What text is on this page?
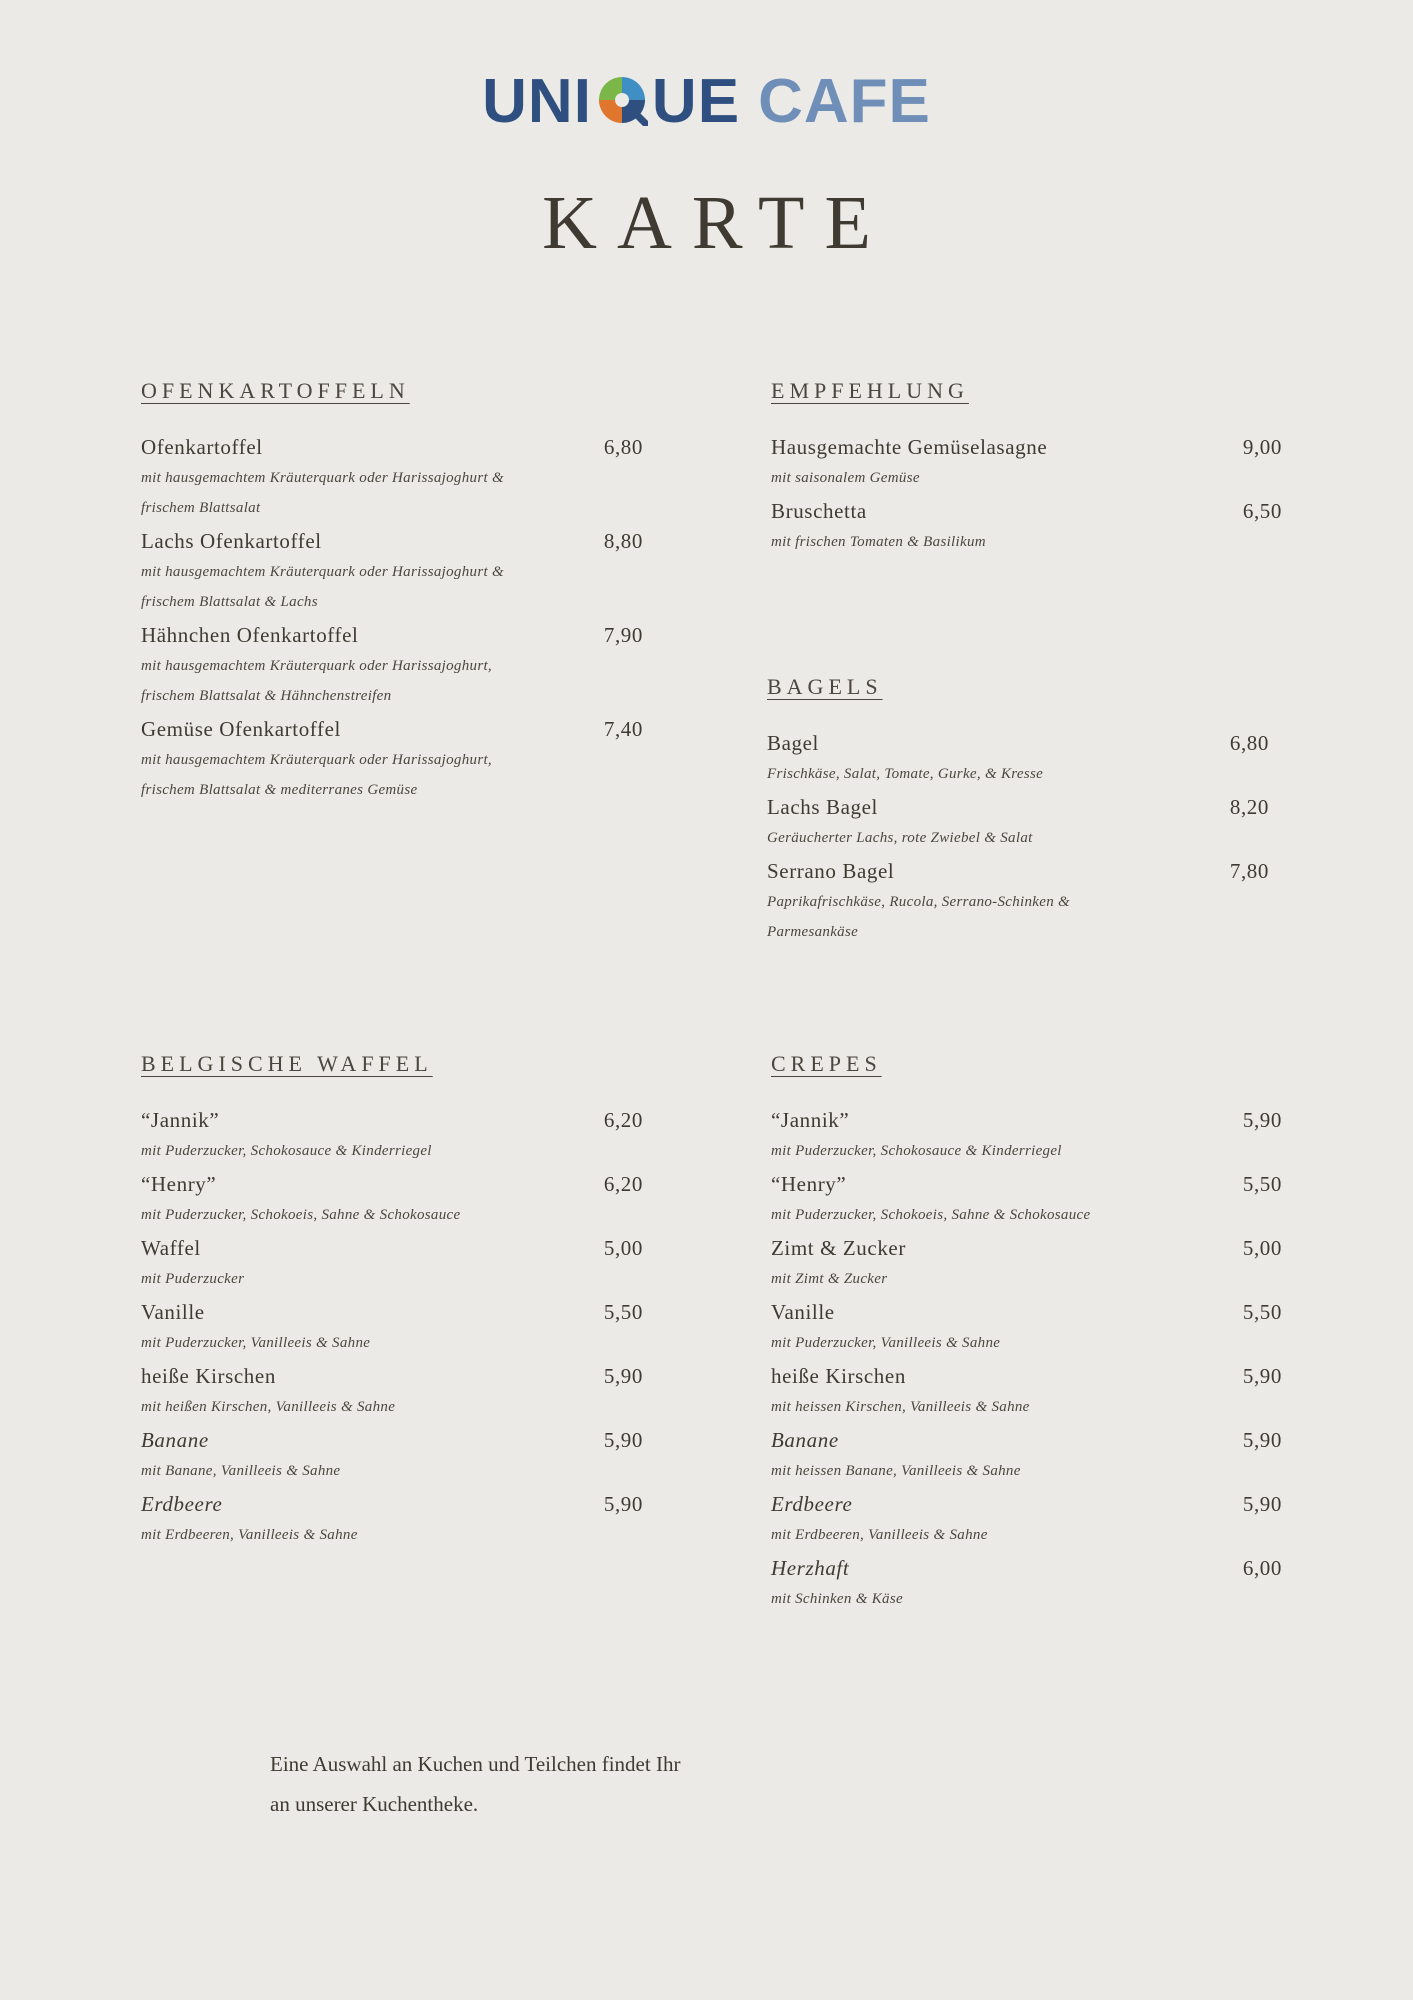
UNI UE CAFE
KARTE
OFENKARTOFFELN
Ofenkartoffel	6,80
mit hausgemachtem Kräuterquark oder Harissajoghurt &
frischem Blattsalat
Lachs Ofenkartoffel	8,80
mit hausgemachtem Kräuterquark oder Harissajoghurt &
frischem Blattsalat & Lachs
Hähnchen Ofenkartoffel	7,90
mit hausgemachtem Kräuterquark oder Harissajoghurt,
frischem Blattsalat & Hähnchenstreifen
Gemüse Ofenkartoffel	7,40
mit hausgemachtem Kräuterquark oder Harissajoghurt,
frischem Blattsalat & mediterranes Gemüse
EMPFEHLUNG
Hausgemachte Gemüselasagne	9,00
mit saisonalem Gemüse
Bruschetta	6,50
mit frischen Tomaten & Basilikum
BAGELS
Bagel	6,80
Frischkäse, Salat, Tomate, Gurke, & Kresse
Lachs Bagel	8,20
Geräucherter Lachs, rote Zwiebel & Salat
Serrano Bagel	7,80
Paprikafrischkäse, Rucola, Serrano-Schinken &
Parmesankäse
BELGISCHE WAFFEL
“Jannik”	6,20
mit Puderzucker, Schokosauce & Kinderriegel
“Henry”	6,20
mit Puderzucker, Schokoeis, Sahne & Schokosauce
Waffel	5,00
mit Puderzucker
Vanille	5,50
mit Puderzucker, Vanilleeis & Sahne
heiße Kirschen	5,90
mit heißen Kirschen, Vanilleeis & Sahne
Banane	5,90
mit Banane, Vanilleeis & Sahne
Erdbeere	5,90
mit Erdbeeren, Vanilleeis & Sahne
CREPES
“Jannik”	5,90
mit Puderzucker, Schokosauce & Kinderriegel
“Henry”	5,50
mit Puderzucker, Schokoeis, Sahne & Schokosauce
Zimt & Zucker	5,00
mit Zimt & Zucker
Vanille	5,50
mit Puderzucker, Vanilleeis & Sahne
heiße Kirschen	5,90
mit heissen Kirschen, Vanilleeis & Sahne
Banane	5,90
mit heissen Banane, Vanilleeis & Sahne
Erdbeere	5,90
mit Erdbeeren, Vanilleeis & Sahne
Herzhaft	6,00
mit Schinken & Käse
Eine Auswahl an Kuchen und Teilchen findet Ihr
an unserer Kuchentheke.
